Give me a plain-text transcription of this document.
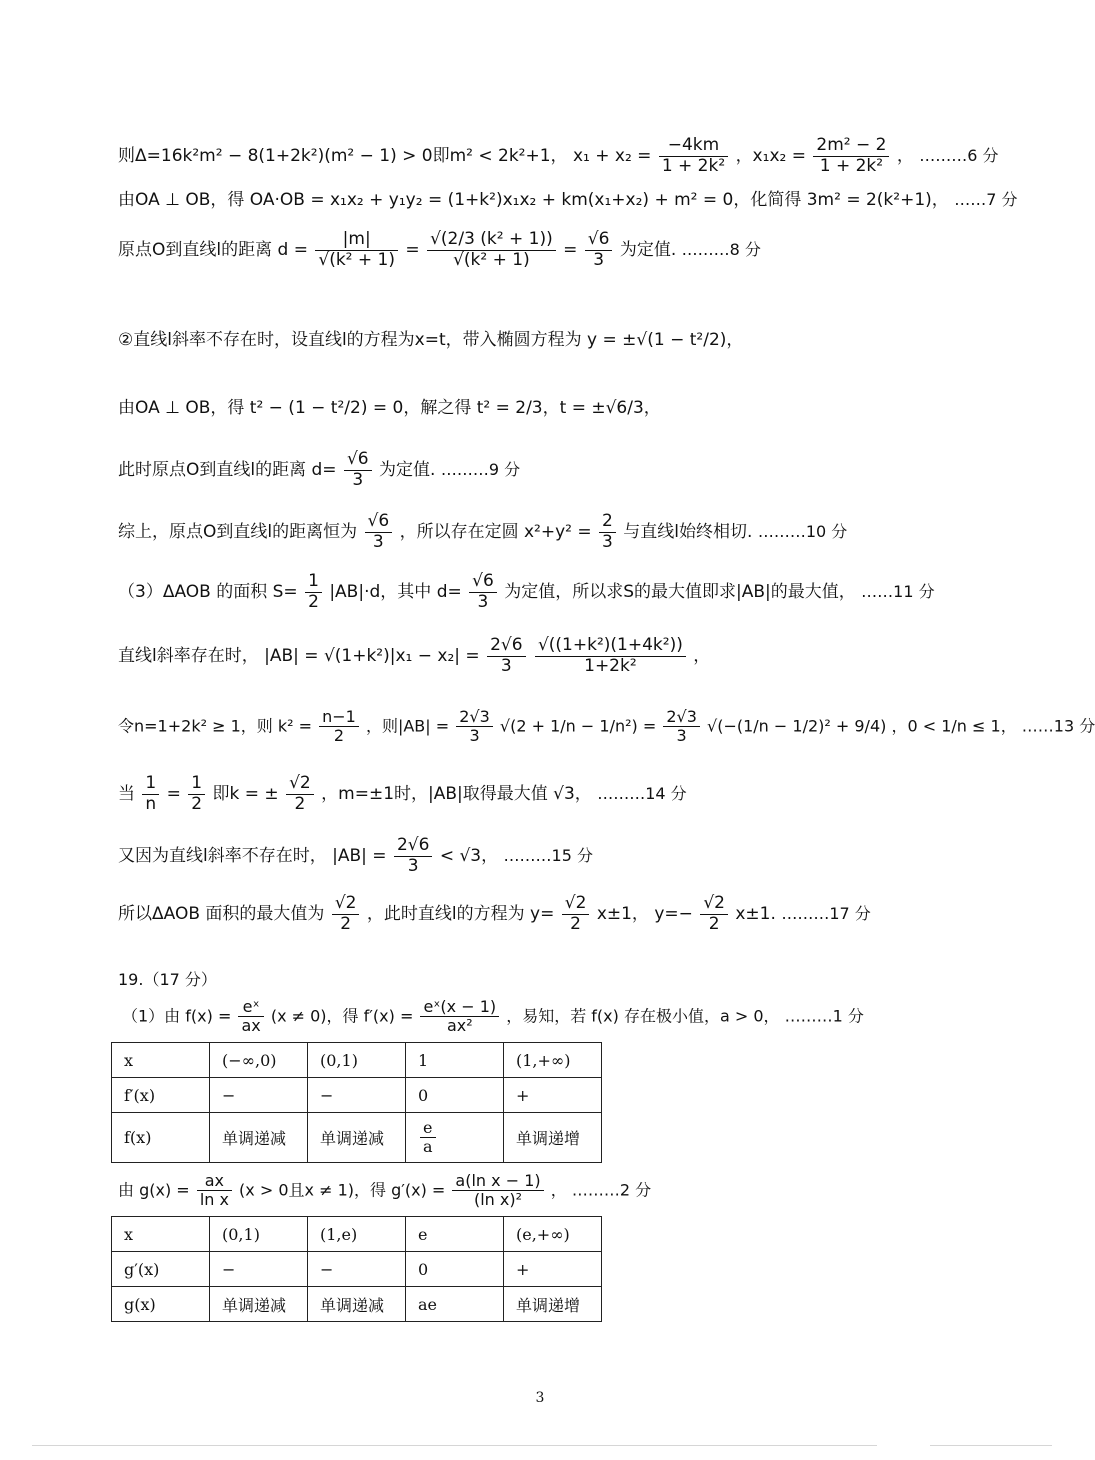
则Δ=16k²m² − 8(1+2k²)(m² − 1) > 0即m² < 2k²+1， $x_1 + x_2 = \frac{-4km}{\text{1 + 2k²}}$ ，$x_1x_2 = \frac{\text{2m² − 2}}{\text{1 + 2k²}}$ ， ………6 分
由OA ⊥ OB，得 OA·OB = x₁x₂ + y₁y₂ = (1+k²)x₁x₂ + km(x₁+x₂) + m² = 0，化简得 3m² = 2(k²+1)， ……7 分
原点O到直线l的距离 $d = \frac{|m|}{\text{√(k² + 1)}} = \frac{\text{√(2/3 (k² + 1))}}{\text{√(k² + 1)}} = \frac{√6}{3}$ 为定值. ………8 分
②直线l斜率不存在时，设直线l的方程为x=t，带入椭圆方程为 y = ±√(1 − t²/2)，
由OA ⊥ OB，得 t² − (1 − t²/2) = 0，解之得 t² = 2/3，t = ±√6/3，
此时原点O到直线l的距离 $d= \frac{√6}{3}$ 为定值. ………9 分
综上，原点O到直线l的距离恒为 $\frac{√6}{3}$ ，所以存在定圆 $x^2+y^2 = \frac{2}{3}$ 与直线l始终相切. ………10 分
（3）ΔAOB 的面积 $S= \frac{1}{2} |AB|\cdot d$，其中 $d= \frac{√6}{3}$ 为定值，所以求S的最大值即求|AB|的最大值， ……11 分
直线l斜率存在时， $|AB| = √(1+k^2)|x_1 - x_2| = \frac{2√6}{3}$
$\frac{\text{√((1+k²)(1+4k²))}}{\text{1+2k²}}$ ，
令n=1+2k² ≥ 1，则 $k^2 = \frac{n-1}{2}$ ，则$|AB| = \frac{2√3}{3} √(2 + 1/n - 1/n^2) = \frac{2√3}{3} √(-(1/n - 1/2)^2 + 9/4)$ ，0 < 1/n ≤ 1， ……13 分
当 $\frac{1}{n} = \frac{1}{2}$ 即k = ± $\frac{√2}{2}$ ，m=±1时，|AB|取得最大值 √3， ………14 分
又因为直线l斜率不存在时， $|AB| = \frac{2√6}{3} < √3$， ………15 分
所以ΔAOB 面积的最大值为 $\frac{√2}{2}$ ，此时直线l的方程为 $y= \frac{√2}{2} x\pm 1$， $y=- \frac{√2}{2} x\pm 1$. ………17 分
19.（17 分）
（1）由 $f(x) = \frac{\text{eˣ}}{ax} (x \ne 0)$，得 $f'(x) = \frac{\text{eˣ(x − 1)}}{\text{ax²}}$ ，易知，若 f(x) 存在极小值，a > 0， ………1 分
x	(−∞,0)	(0,1)	1	(1,+∞)
f′(x)	−	−	0	+
f(x)	单调递减	单调递减	$\frac{e}{a}$	单调递增
由 $g(x) = \frac{ax}{\text{ln x}} (x > 0$且x ≠ 1)，得 $g'(x) = \frac{\text{a(ln x − 1)}}{\text{(ln x)²}}$ ， ………2 分
x	(0,1)	(1,e)	e	(e,+∞)
g′(x)	−	−	0	+
g(x)	单调递减	单调递减	ae	单调递增
3
